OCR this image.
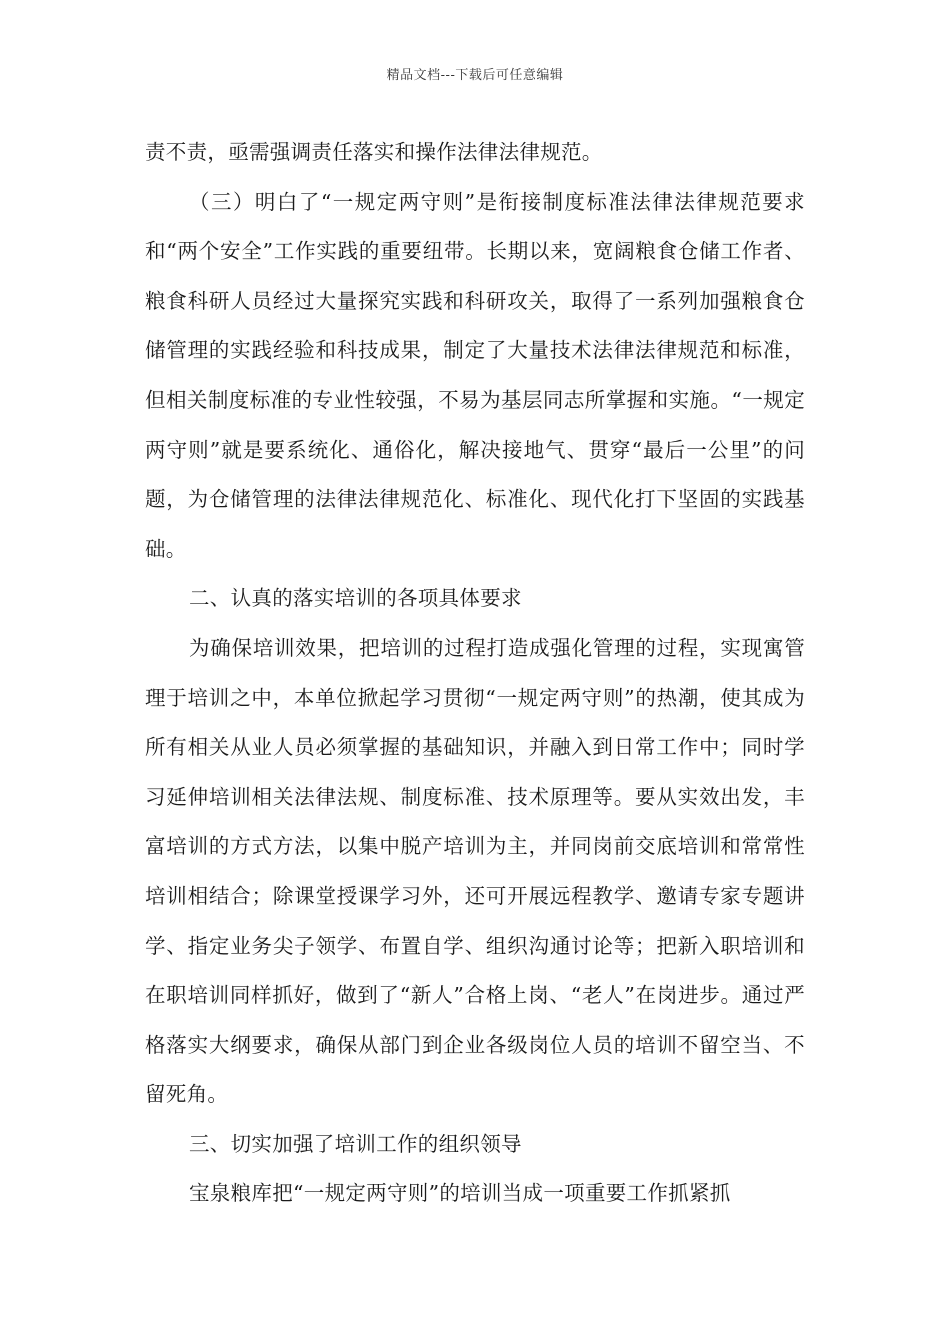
精品文档---下载后可任意编辑

责不责，亟需强调责任落实和操作法律法律规范。

（三）明白了“一规定两守则”是衔接制度标准法律法律规范要求和“两个安全”工作实践的重要纽带。长期以来，宽阔粮食仓储工作者、粮食科研人员经过大量探究实践和科研攻关，取得了一系列加强粮食仓储管理的实践经验和科技成果，制定了大量技术法律法律规范和标准，但相关制度标准的专业性较强，不易为基层同志所掌握和实施。“一规定两守则”就是要系统化、通俗化，解决接地气、贯穿“最后一公里”的问题，为仓储管理的法律法律规范化、标准化、现代化打下坚固的实践基础。

二、认真的落实培训的各项具体要求

为确保培训效果，把培训的过程打造成强化管理的过程，实现寓管理于培训之中，本单位掀起学习贯彻“一规定两守则”的热潮，使其成为所有相关从业人员必须掌握的基础知识，并融入到日常工作中；同时学习延伸培训相关法律法规、制度标准、技术原理等。要从实效出发，丰富培训的方式方法，以集中脱产培训为主，并同岗前交底培训和常常性培训相结合；除课堂授课学习外，还可开展远程教学、邀请专家专题讲学、指定业务尖子领学、布置自学、组织沟通讨论等；把新入职培训和在职培训同样抓好，做到了“新人”合格上岗、“老人”在岗进步。通过严格落实大纲要求，确保从部门到企业各级岗位人员的培训不留空当、不留死角。

三、切实加强了培训工作的组织领导

宝泉粮库把“一规定两守则”的培训当成一项重要工作抓紧抓
